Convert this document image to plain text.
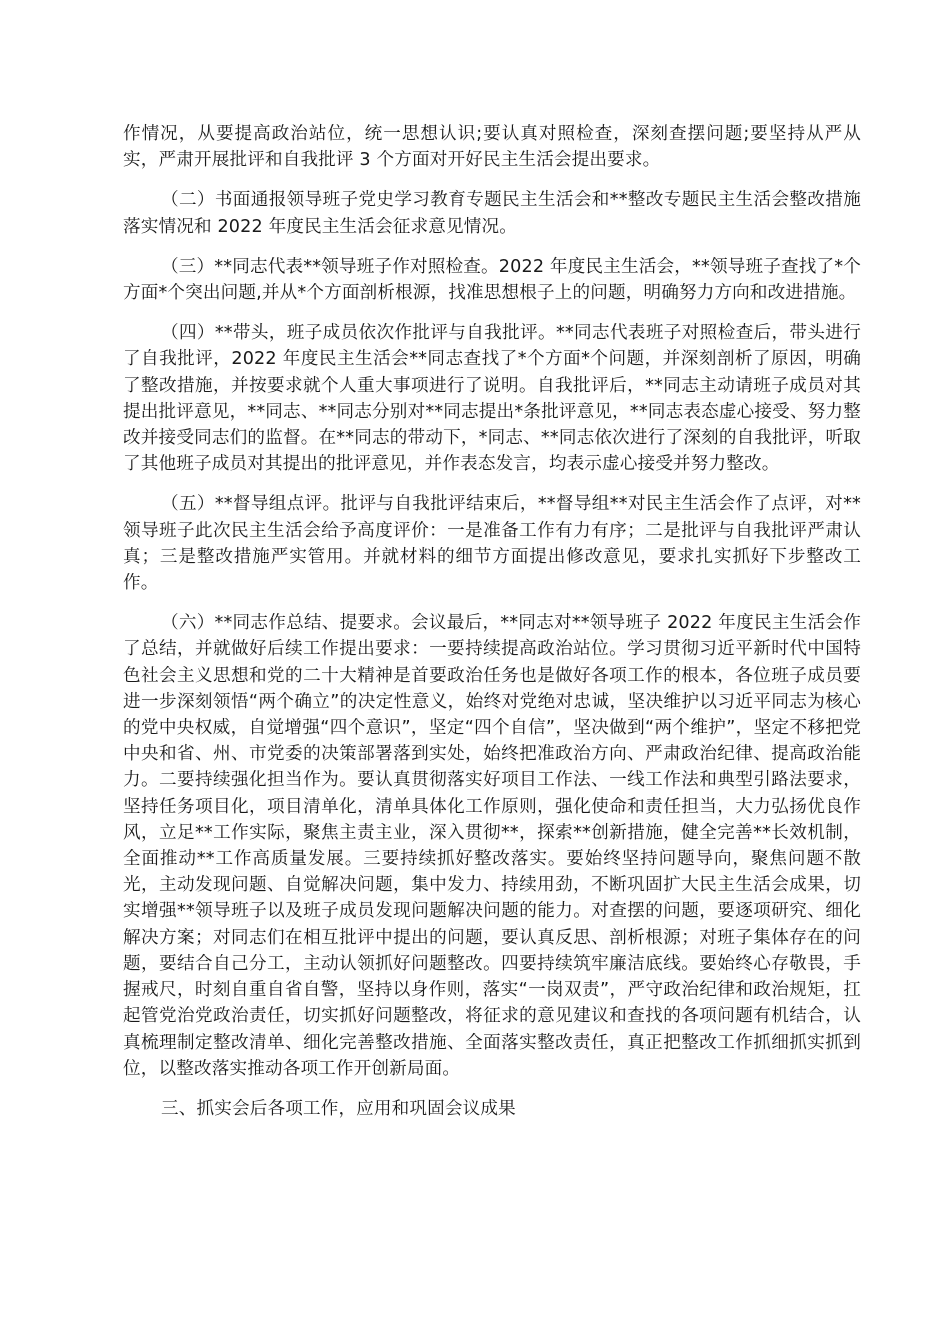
作情况，从要提高政治站位，统一思想认识;要认真对照检查，深刻查摆问题;要坚持从严从实，严肃开展批评和自我批评 3 个方面对开好民主生活会提出要求。

（二）书面通报领导班子党史学习教育专题民主生活会和**整改专题民主生活会整改措施落实情况和 2022 年度民主生活会征求意见情况。

（三）**同志代表**领导班子作对照检查。2022 年度民主生活会，**领导班子查找了*个方面*个突出问题,并从*个方面剖析根源，找准思想根子上的问题，明确努力方向和改进措施。

（四）**带头，班子成员依次作批评与自我批评。**同志代表班子对照检查后，带头进行了自我批评，2022 年度民主生活会**同志查找了*个方面*个问题，并深刻剖析了原因，明确了整改措施，并按要求就个人重大事项进行了说明。自我批评后，**同志主动请班子成员对其提出批评意见，**同志、**同志分别对**同志提出*条批评意见，**同志表态虚心接受、努力整改并接受同志们的监督。在**同志的带动下，*同志、**同志依次进行了深刻的自我批评，听取了其他班子成员对其提出的批评意见，并作表态发言，均表示虚心接受并努力整改。

（五）**督导组点评。批评与自我批评结束后，**督导组**对民主生活会作了点评，对**领导班子此次民主生活会给予高度评价：一是准备工作有力有序；二是批评与自我批评严肃认真；三是整改措施严实管用。并就材料的细节方面提出修改意见，要求扎实抓好下步整改工作。

（六）**同志作总结、提要求。会议最后，**同志对**领导班子 2022 年度民主生活会作了总结，并就做好后续工作提出要求：一要持续提高政治站位。学习贯彻习近平新时代中国特色社会主义思想和党的二十大精神是首要政治任务也是做好各项工作的根本，各位班子成员要进一步深刻领悟“两个确立”的决定性意义，始终对党绝对忠诚，坚决维护以习近平同志为核心的党中央权威，自觉增强“四个意识”，坚定“四个自信”，坚决做到“两个维护”，坚定不移把党中央和省、州、市党委的决策部署落到实处，始终把准政治方向、严肃政治纪律、提高政治能力。二要持续强化担当作为。要认真贯彻落实好项目工作法、一线工作法和典型引路法要求，坚持任务项目化，项目清单化，清单具体化工作原则，强化使命和责任担当，大力弘扬优良作风，立足**工作实际，聚焦主责主业，深入贯彻**，探索**创新措施，健全完善**长效机制，全面推动**工作高质量发展。三要持续抓好整改落实。要始终坚持问题导向，聚焦问题不散光，主动发现问题、自觉解决问题，集中发力、持续用劲，不断巩固扩大民主生活会成果，切实增强**领导班子以及班子成员发现问题解决问题的能力。对查摆的问题，要逐项研究、细化解决方案；对同志们在相互批评中提出的问题，要认真反思、剖析根源；对班子集体存在的问题，要结合自己分工，主动认领抓好问题整改。四要持续筑牢廉洁底线。要始终心存敬畏，手握戒尺，时刻自重自省自警，坚持以身作则，落实“一岗双责”，严守政治纪律和政治规矩，扛起管党治党政治责任，切实抓好问题整改，将征求的意见建议和查找的各项问题有机结合，认真梳理制定整改清单、细化完善整改措施、全面落实整改责任，真正把整改工作抓细抓实抓到位，以整改落实推动各项工作开创新局面。

三、抓实会后各项工作，应用和巩固会议成果
